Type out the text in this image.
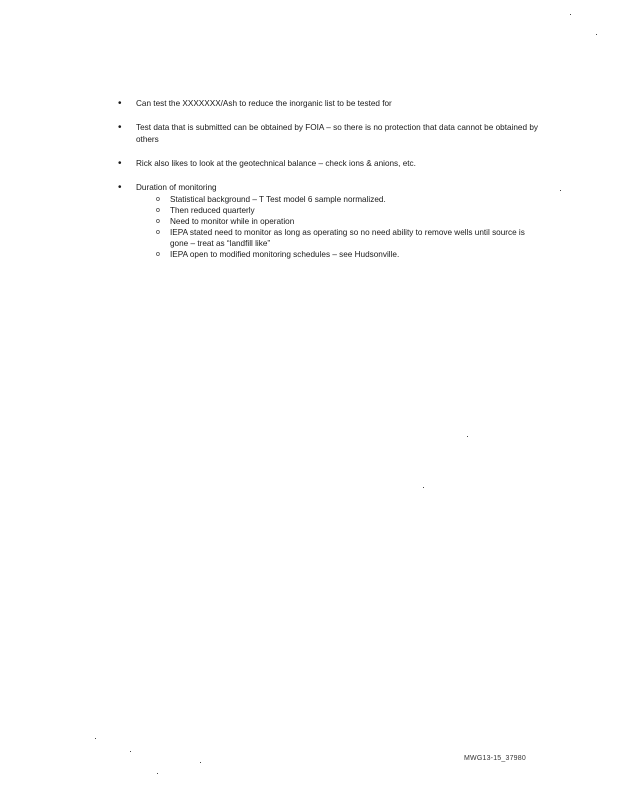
• Can test the XXXXXXX/Ash to reduce the inorganic list to be tested for
• Test data that is submitted can be obtained by FOIA – so there is no protection that data cannot be obtained by others
• Rick also likes to look at the geotechnical balance – check ions & anions, etc.
• Duration of monitoring
o Statistical background – T Test model 6 sample normalized.
o Then reduced quarterly
o Need to monitor while in operation
o IEPA stated need to monitor as long as operating so no need ability to remove wells until source is gone – treat as “landfill like”
o IEPA open to modified monitoring schedules – see Hudsonville.
MWG13-15_37980
